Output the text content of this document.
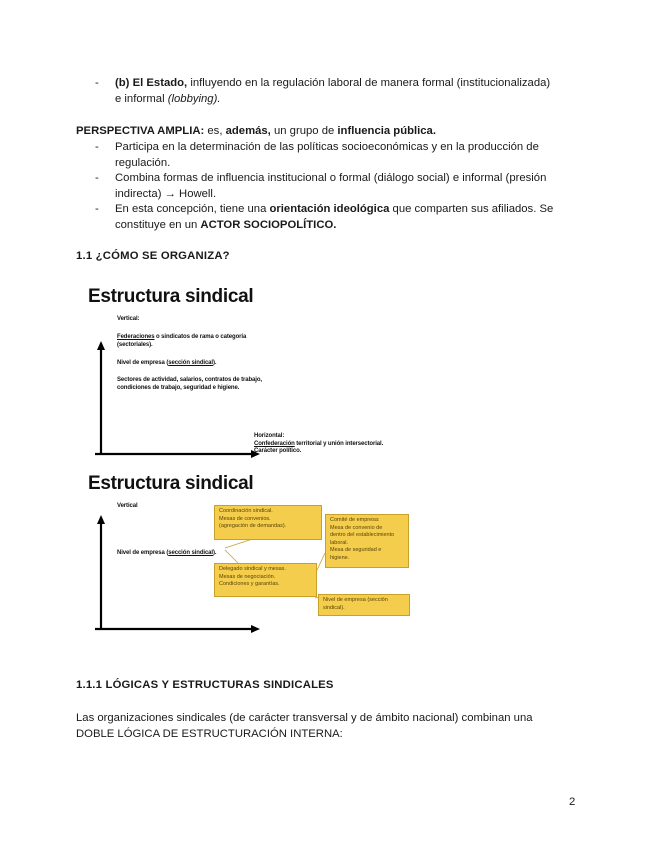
- (b) El Estado, influyendo en la regulación laboral de manera formal (institucionalizada)
e informal (lobbying).
PERSPECTIVA AMPLIA: es, además, un grupo de influencia pública.
- Participa en la determinación de las políticas socioeconómicas y en la producción de
regulación.
- Combina formas de influencia institucional o formal (diálogo social) e informal (presión
indirecta) → Howell.
- En esta concepción, tiene una orientación ideológica que comparten sus afiliados. Se
constituye en un ACTOR SOCIOPOLÍTICO.
1.1 ¿CÓMO SE ORGANIZA?
Estructura sindical
Vertical:
Federaciones o sindicatos de rama o categoría
(sectoriales).
Nivel de empresa (sección sindical).
Sectores de actividad, salarios, contratos de trabajo,
condiciones de trabajo, seguridad e higiene.
Horizontal:
Confederación territorial y unión intersectorial.
Carácter político.
Estructura sindical
Vertical
Nivel de empresa (sección sindical).
Coordinación sindical.
Mesas de convenios.
(agregación de demandas).
Comité de empresa:
Mesa de convenio de
dentro del establecimiento
laboral.
Mesa de seguridad e
higiene.
Delegado sindical y mesas.
Mesas de negociación.
Condiciones y garantías.
Nivel de empresa (sección
sindical).
1.1.1 LÓGICAS Y ESTRUCTURAS SINDICALES
Las organizaciones sindicales (de carácter transversal y de ámbito nacional) combinan una
DOBLE LÓGICA DE ESTRUCTURACIÓN INTERNA:
2
